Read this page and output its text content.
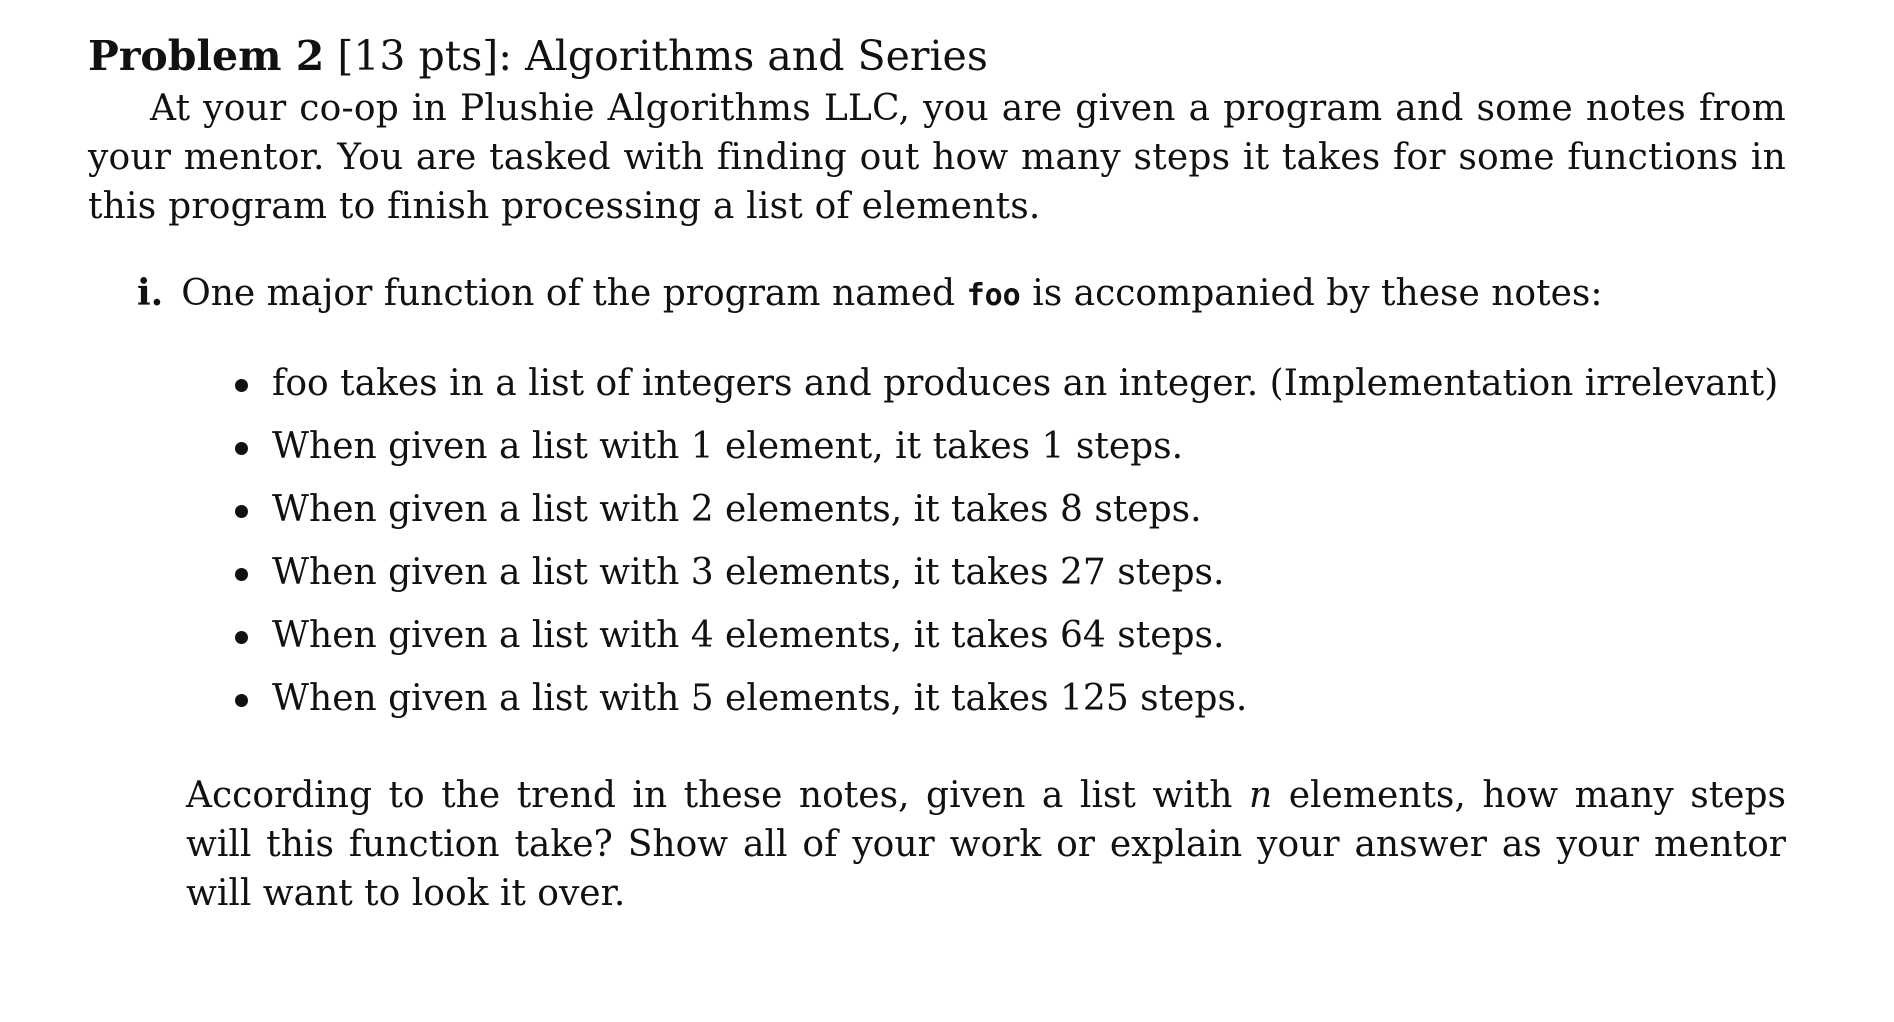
Problem 2 [13 pts]: Algorithms and Series
At your co-op in Plushie Algorithms LLC, you are given a program and some notes from your mentor. You are tasked with finding out how many steps it takes for some functions in this program to finish processing a list of elements.
i. One major function of the program named foo is accompanied by these notes:
foo takes in a list of integers and produces an integer. (Implementation irrelevant)
When given a list with 1 element, it takes 1 steps.
When given a list with 2 elements, it takes 8 steps.
When given a list with 3 elements, it takes 27 steps.
When given a list with 4 elements, it takes 64 steps.
When given a list with 5 elements, it takes 125 steps.
According to the trend in these notes, given a list with n elements, how many steps will this function take? Show all of your work or explain your answer as your mentor will want to look it over.
